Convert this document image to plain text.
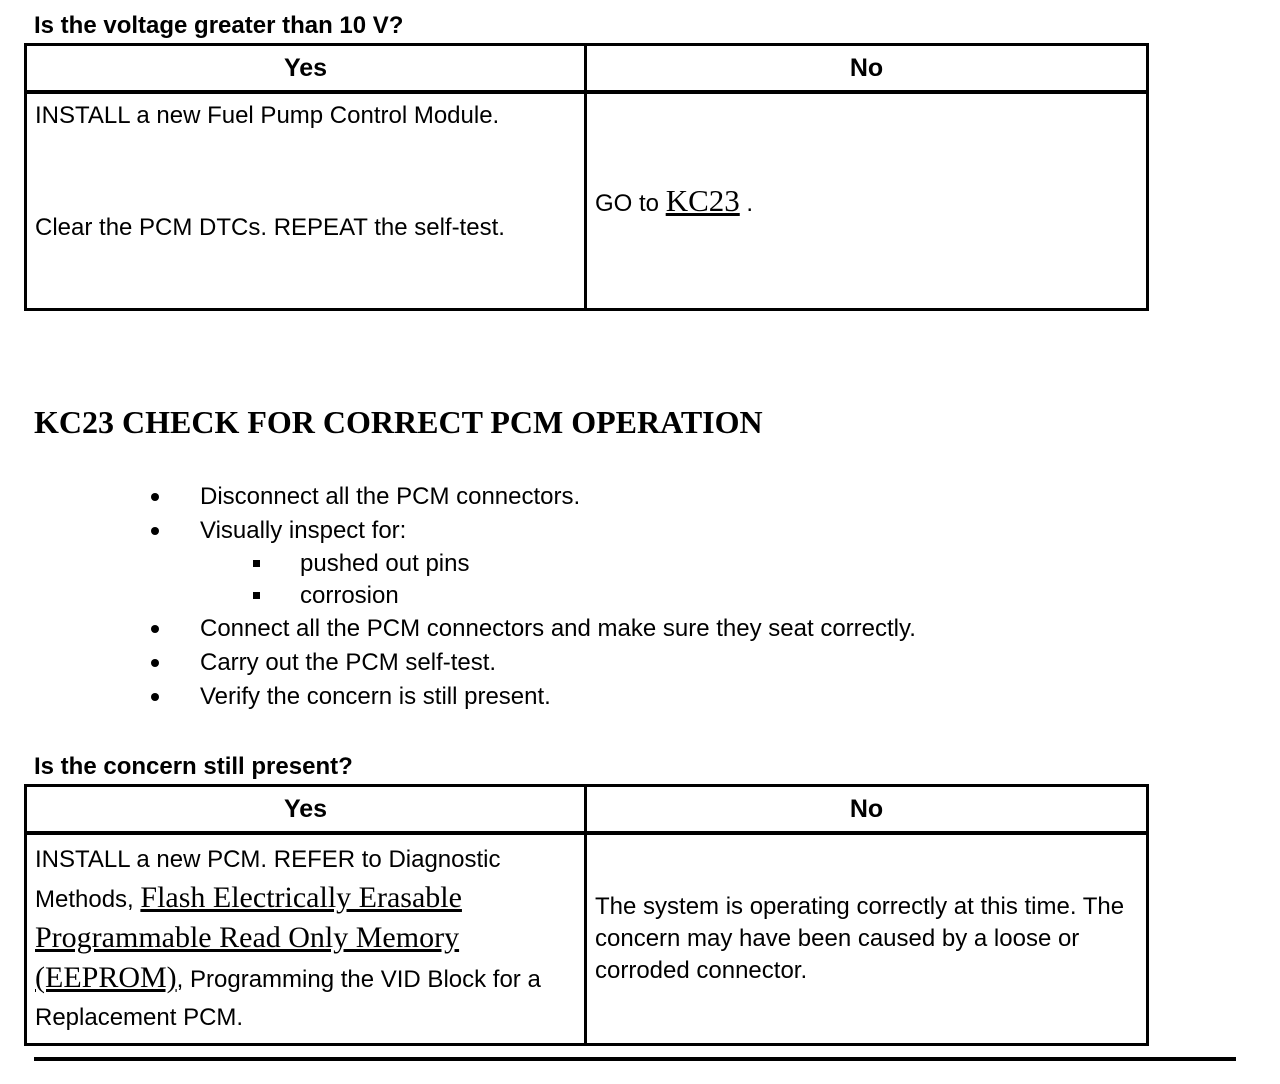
Is the voltage greater than 10 V?

Yes	No

INSTALL a new Fuel Pump Control Module.
Clear the PCM DTCs. REPEAT the self-test.	GO to KC23 .
KC23 CHECK FOR CORRECT PCM OPERATION
Disconnect all the PCM connectors.
Visually inspect for:
pushed out pins
corrosion
Connect all the PCM connectors and make sure they seat correctly.
Carry out the PCM self-test.
Verify the concern is still present.

Is the concern still present?

Yes	No

INSTALL a new PCM. REFER to Diagnostic Methods, Flash Electrically Erasable Programmable Read Only Memory (EEPROM), Programming the VID Block for a Replacement PCM.	The system is operating correctly at this time. The concern may have been caused by a loose or corroded connector.
